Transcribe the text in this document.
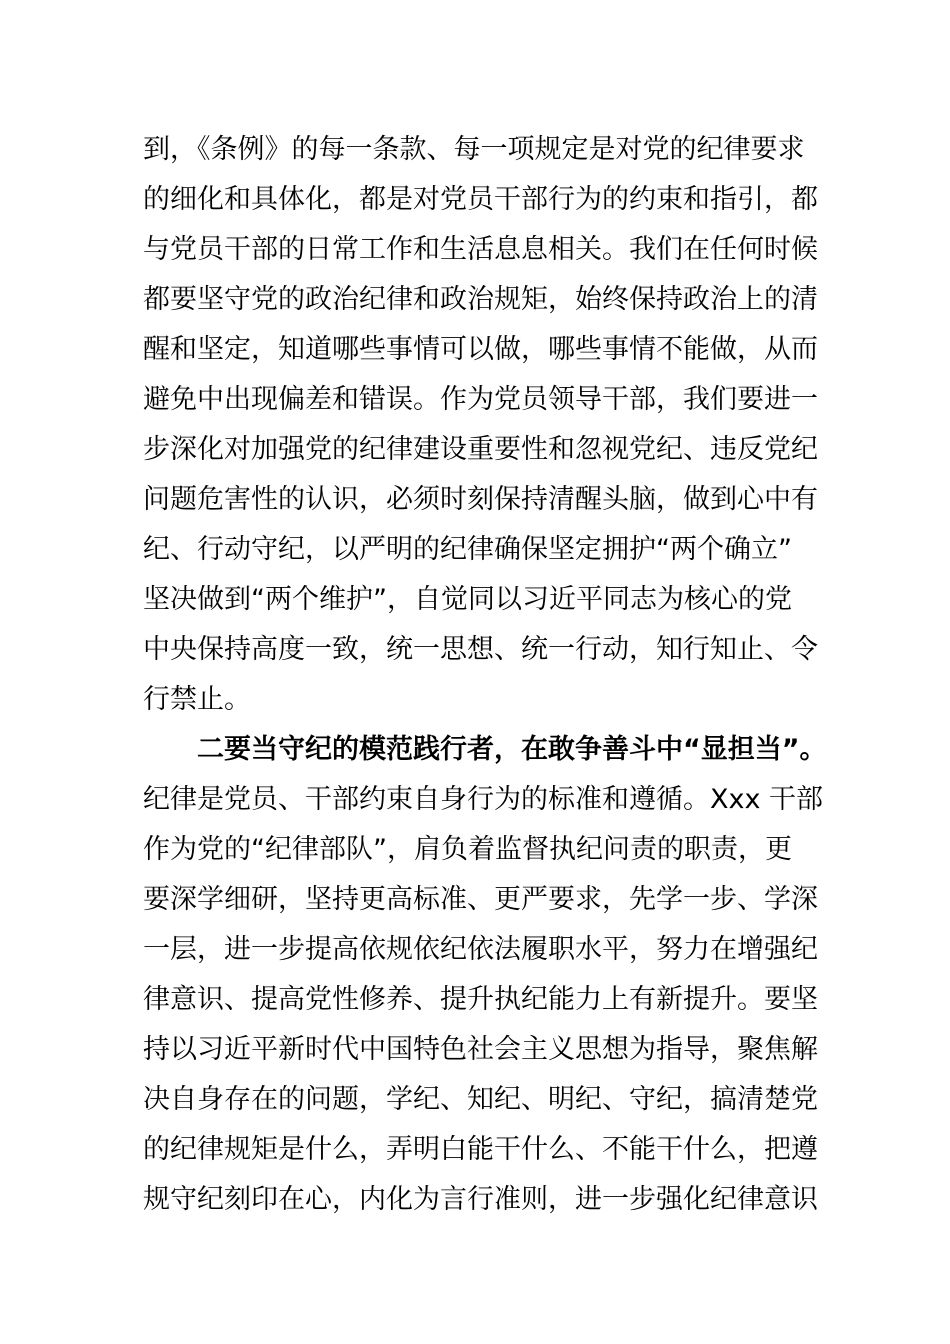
到，《条例》的每一条款、每一项规定是对党的纪律要求
的细化和具体化，都是对党员干部行为的约束和指引，都
与党员干部的日常工作和生活息息相关。我们在任何时候
都要坚守党的政治纪律和政治规矩，始终保持政治上的清
醒和坚定，知道哪些事情可以做，哪些事情不能做，从而
避免中出现偏差和错误。作为党员领导干部，我们要进一
步深化对加强党的纪律建设重要性和忽视党纪、违反党纪
问题危害性的认识，必须时刻保持清醒头脑，做到心中有
纪、行动守纪，以严明的纪律确保坚定拥护“两个确立”
坚决做到“两个维护”，自觉同以习近平同志为核心的党
中央保持高度一致，统一思想、统一行动，知行知止、令
行禁止。
二要当守纪的模范践行者，在敢争善斗中“显担当”。
纪律是党员、干部约束自身行为的标准和遵循。Xxx 干部
作为党的“纪律部队”，肩负着监督执纪问责的职责，更
要深学细研，坚持更高标准、更严要求，先学一步、学深
一层，进一步提高依规依纪依法履职水平，努力在增强纪
律意识、提高党性修养、提升执纪能力上有新提升。要坚
持以习近平新时代中国特色社会主义思想为指导，聚焦解
决自身存在的问题，学纪、知纪、明纪、守纪，搞清楚党
的纪律规矩是什么，弄明白能干什么、不能干什么，把遵
规守纪刻印在心，内化为言行准则，进一步强化纪律意识
